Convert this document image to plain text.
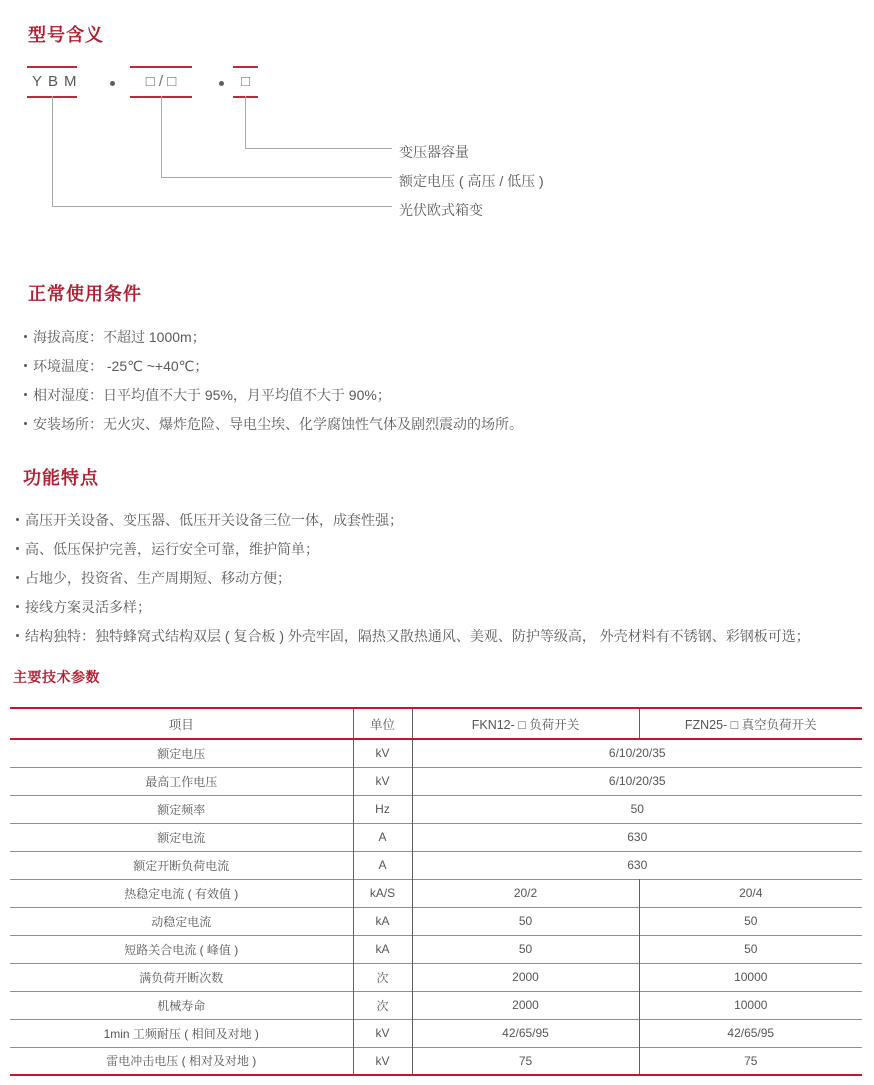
型号含义
YBM	□ / □	□
变压器容量
额定电压 ( 高压 / 低压 )
光伏欧式箱变
正常使用条件
海拔高度：不超过 1000m；
环境温度： -25℃ ~+40℃；
相对湿度：日平均值不大于 95%，月平均值不大于 90%；
安装场所：无火灾、爆炸危险、导电尘埃、化学腐蚀性气体及剧烈震动的场所。
功能特点
高压开关设备、变压器、低压开关设备三位一体，成套性强；
高、低压保护完善，运行安全可靠，维护简单；
占地少，投资省、生产周期短、移动方便；
接线方案灵活多样；
结构独特：独特蜂窝式结构双层 ( 复合板 ) 外壳牢固，隔热又散热通风、美观、防护等级高， 外壳材料有不锈钢、彩钢板可选；
主要技术参数
项目	单位	FKN12- □ 负荷开关	FZN25- □ 真空负荷开关
额定电压	kV	6/10/20/35	
最高工作电压	kV	6/10/20/35	
额定频率	Hz	50	
额定电流	A	630	
额定开断负荷电流	A	630	
热稳定电流 ( 有效值 )	kA/S	20/2	20/4
动稳定电流	kA	50	50
短路关合电流 ( 峰值 )	kA	50	50
满负荷开断次数	次	2000	10000
机械寿命	次	2000	10000
1min 工频耐压 ( 相间及对地 )	kV	42/65/95	42/65/95
雷电冲击电压 ( 相对及对地 )	kV	75	75
